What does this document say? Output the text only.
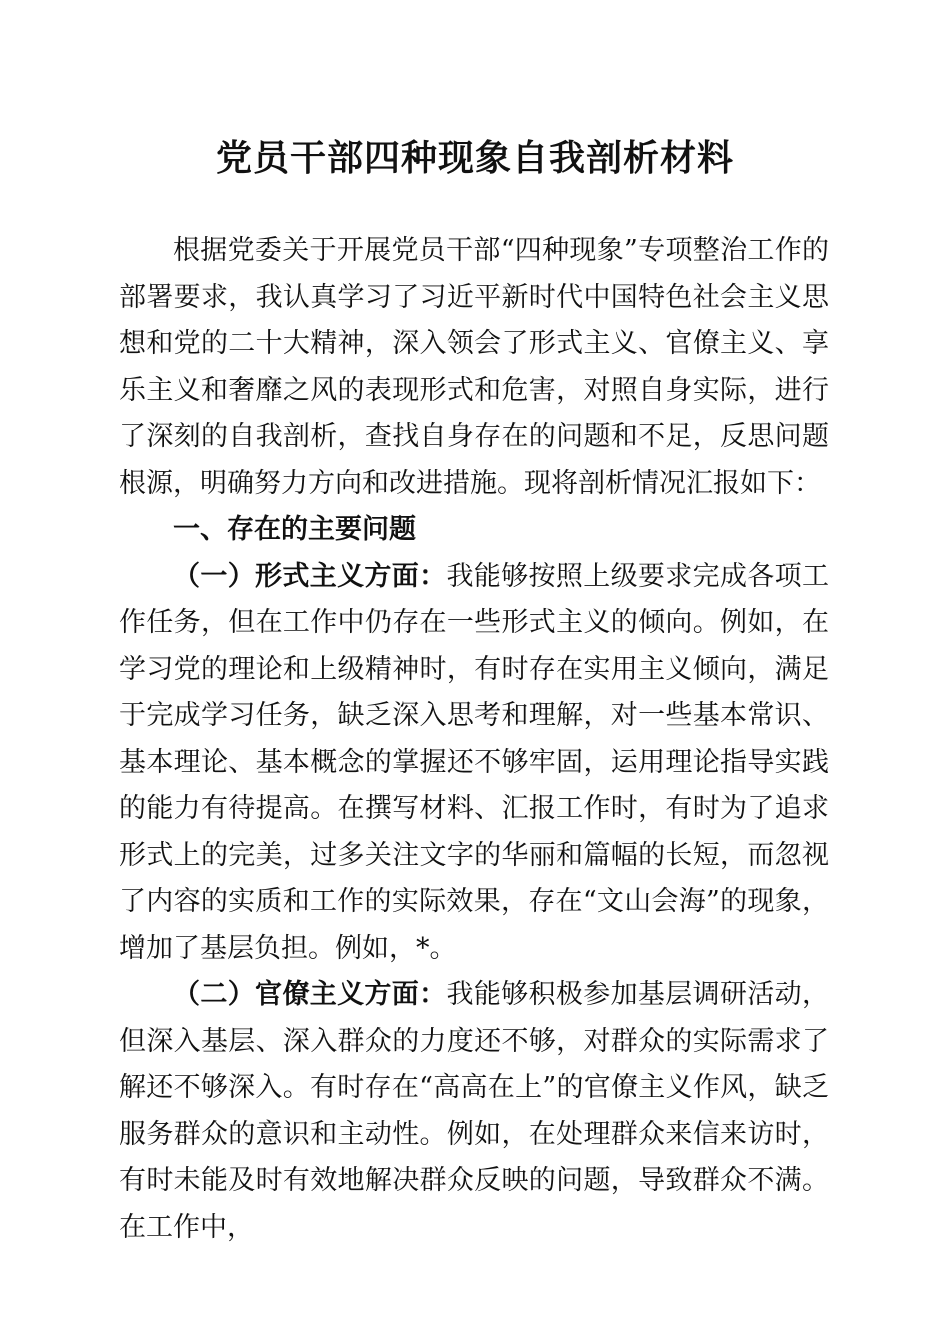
党员干部四种现象自我剖析材料

根据党委关于开展党员干部“四种现象”专项整治工作的部署要求，我认真学习了习近平新时代中国特色社会主义思想和党的二十大精神，深入领会了形式主义、官僚主义、享乐主义和奢靡之风的表现形式和危害，对照自身实际，进行了深刻的自我剖析，查找自身存在的问题和不足，反思问题根源，明确努力方向和改进措施。现将剖析情况汇报如下：

一、存在的主要问题

（一）形式主义方面：我能够按照上级要求完成各项工作任务，但在工作中仍存在一些形式主义的倾向。例如，在学习党的理论和上级精神时，有时存在实用主义倾向，满足于完成学习任务，缺乏深入思考和理解，对一些基本常识、基本理论、基本概念的掌握还不够牢固，运用理论指导实践的能力有待提高。在撰写材料、汇报工作时，有时为了追求形式上的完美，过多关注文字的华丽和篇幅的长短，而忽视了内容的实质和工作的实际效果，存在“文山会海”的现象，增加了基层负担。例如，*。

（二）官僚主义方面：我能够积极参加基层调研活动，但深入基层、深入群众的力度还不够，对群众的实际需求了解还不够深入。有时存在“高高在上”的官僚主义作风，缺乏服务群众的意识和主动性。例如，在处理群众来信来访时，有时未能及时有效地解决群众反映的问题，导致群众不满。在工作中，
